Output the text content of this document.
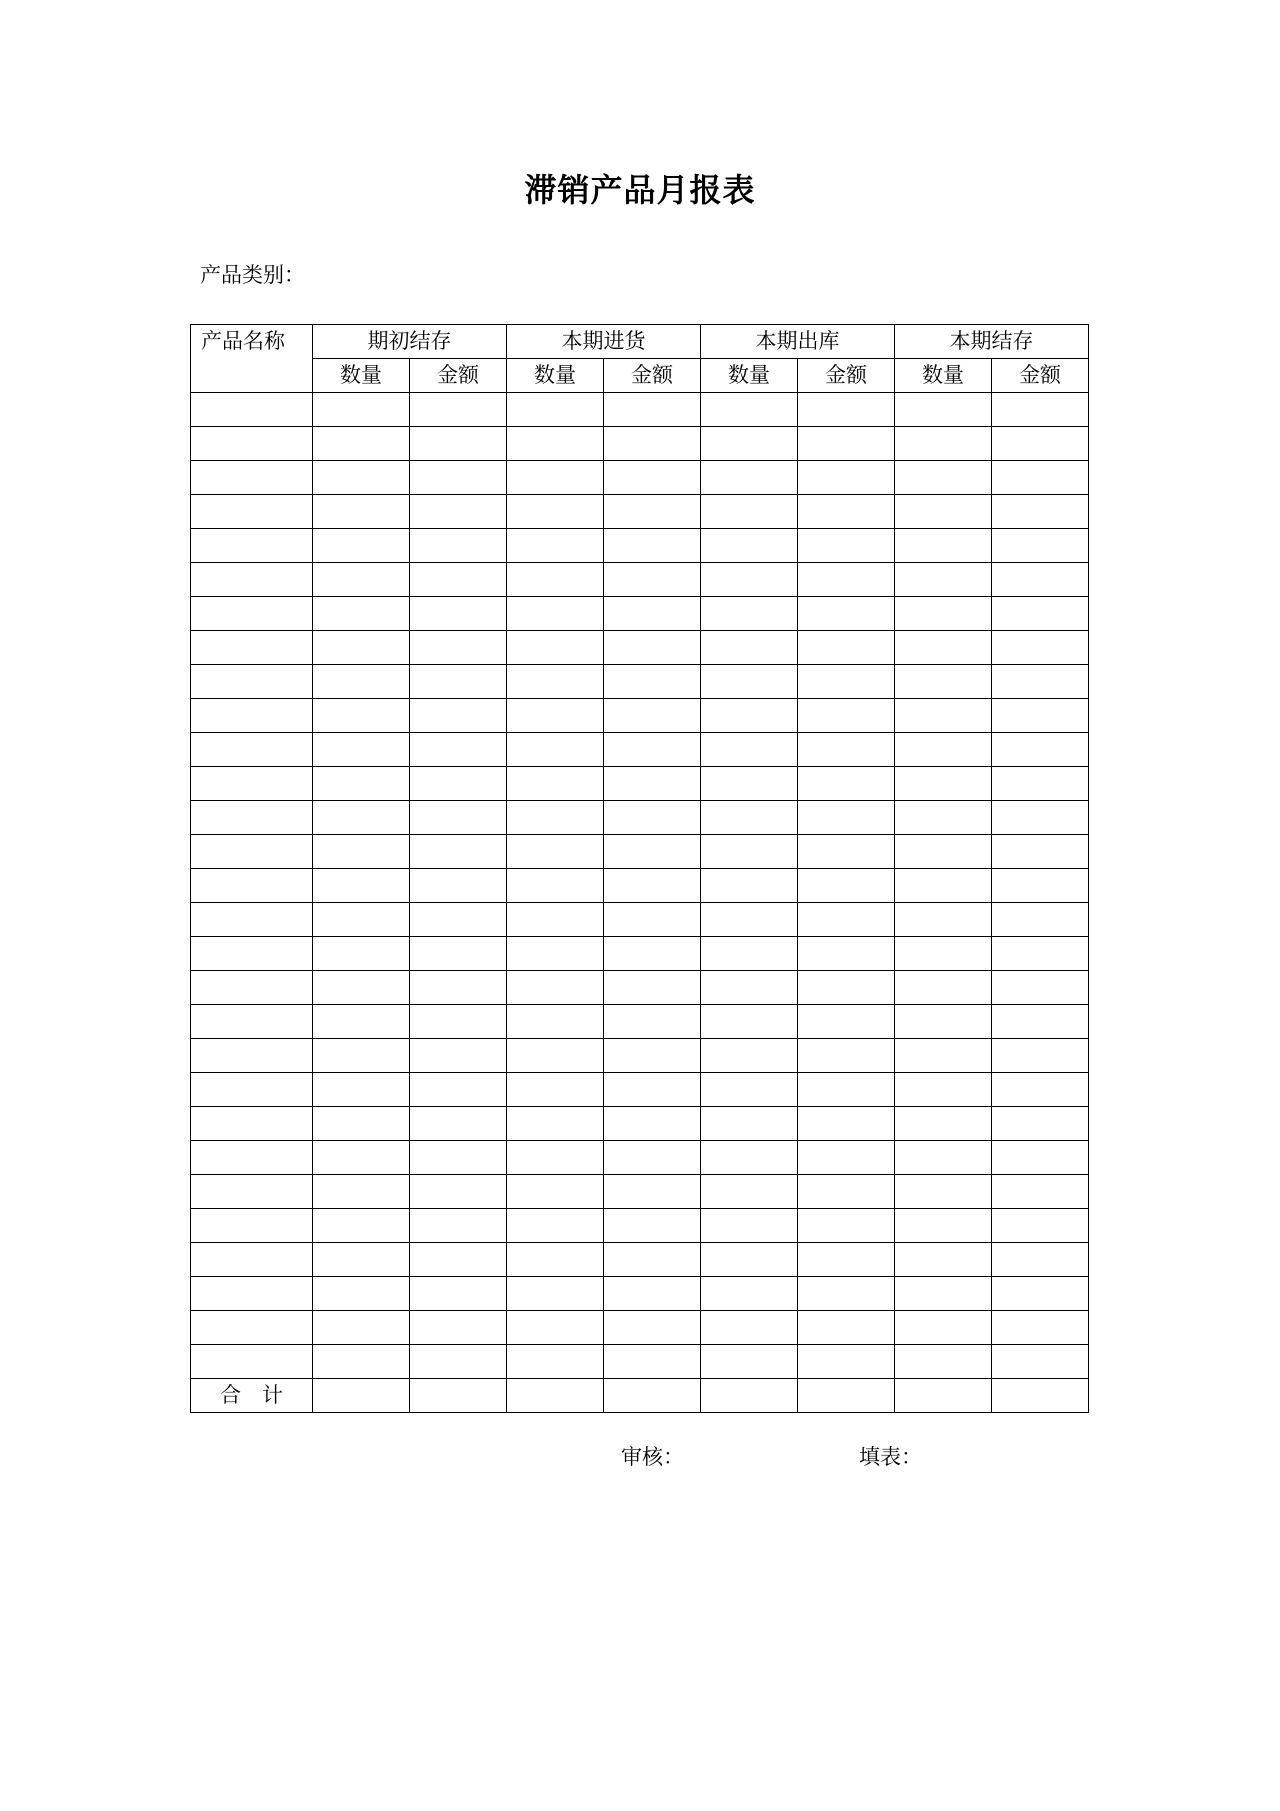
滞销产品月报表
产品类别：
产品名称	期初结存		本期进货		本期出库		本期结存	
	数量	金额	数量	金额	数量	金额	数量	金额

合　计								
审核：	填表：
